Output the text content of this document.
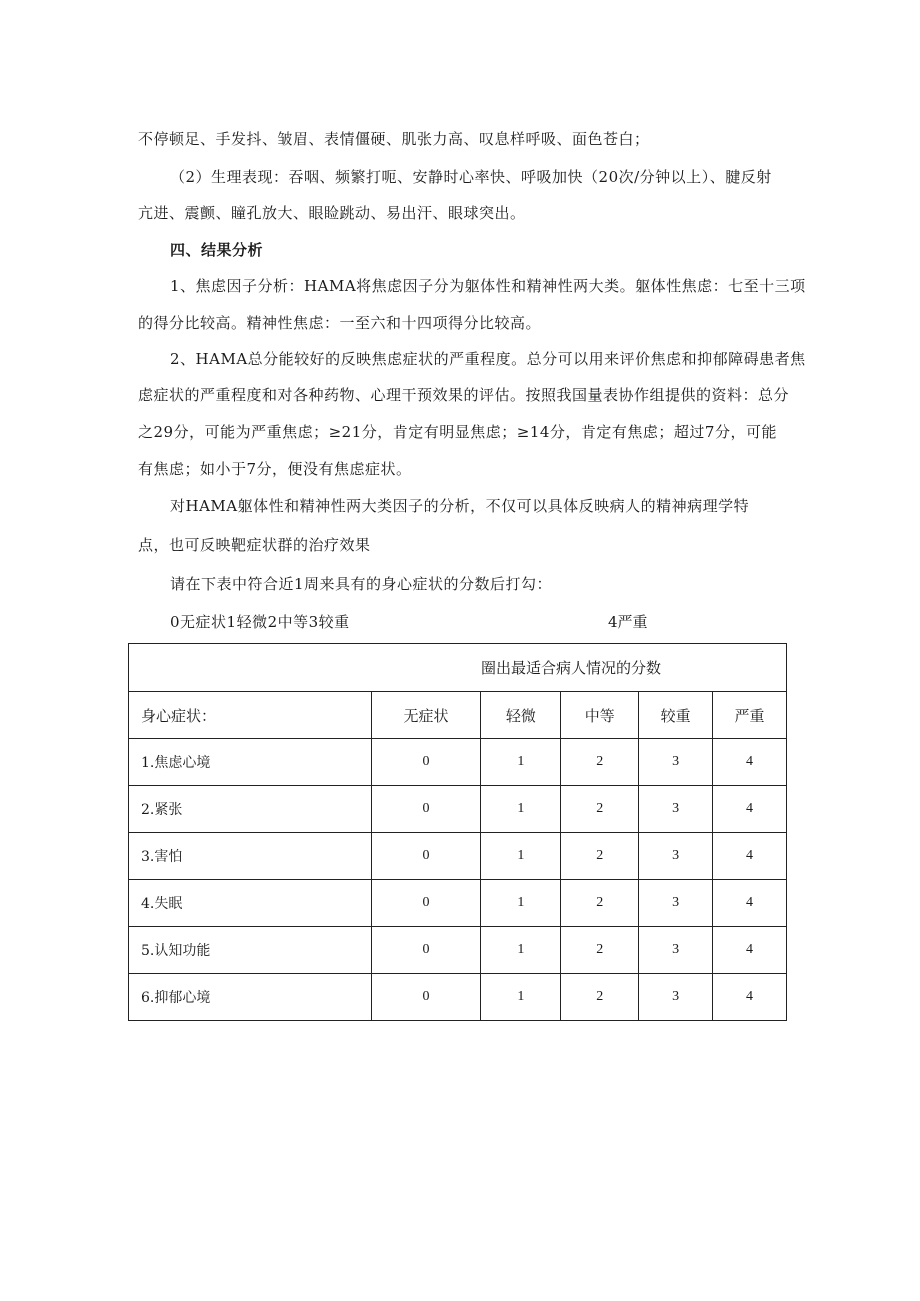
不停顿足、手发抖、皱眉、表情僵硬、肌张力高、叹息样呼吸、面色苍白；
（2）生理表现：吞咽、频繁打呃、安静时心率快、呼吸加快（20次/分钟以上）、腱反射
亢进、震颤、瞳孔放大、眼睑跳动、易出汗、眼球突出。
四、结果分析
1、焦虑因子分析：HAMA将焦虑因子分为躯体性和精神性两大类。躯体性焦虑：七至十三项
的得分比较高。精神性焦虑：一至六和十四项得分比较高。
2、HAMA总分能较好的反映焦虑症状的严重程度。总分可以用来评价焦虑和抑郁障碍患者焦
虑症状的严重程度和对各种药物、心理干预效果的评估。按照我国量表协作组提供的资料：总分
之29分，可能为严重焦虑；≥21分，肯定有明显焦虑；≥14分，肯定有焦虑；超过7分，可能
有焦虑；如小于7分，便没有焦虑症状。
对HAMA躯体性和精神性两大类因子的分析，不仅可以具体反映病人的精神病理学特
点，也可反映靶症状群的治疗效果
请在下表中符合近1周来具有的身心症状的分数后打勾：
0无症状1轻微2中等3较重	4严重
圈出最适合病人情况的分数					
身心症状：	无症状	轻微	中等	较重	严重
1.焦虑心境	0	1	2	3	4
2.紧张	0	1	2	3	4
3.害怕	0	1	2	3	4
4.失眠	0	1	2	3	4
5.认知功能	0	1	2	3	4
6.抑郁心境	0	1	2	3	4
